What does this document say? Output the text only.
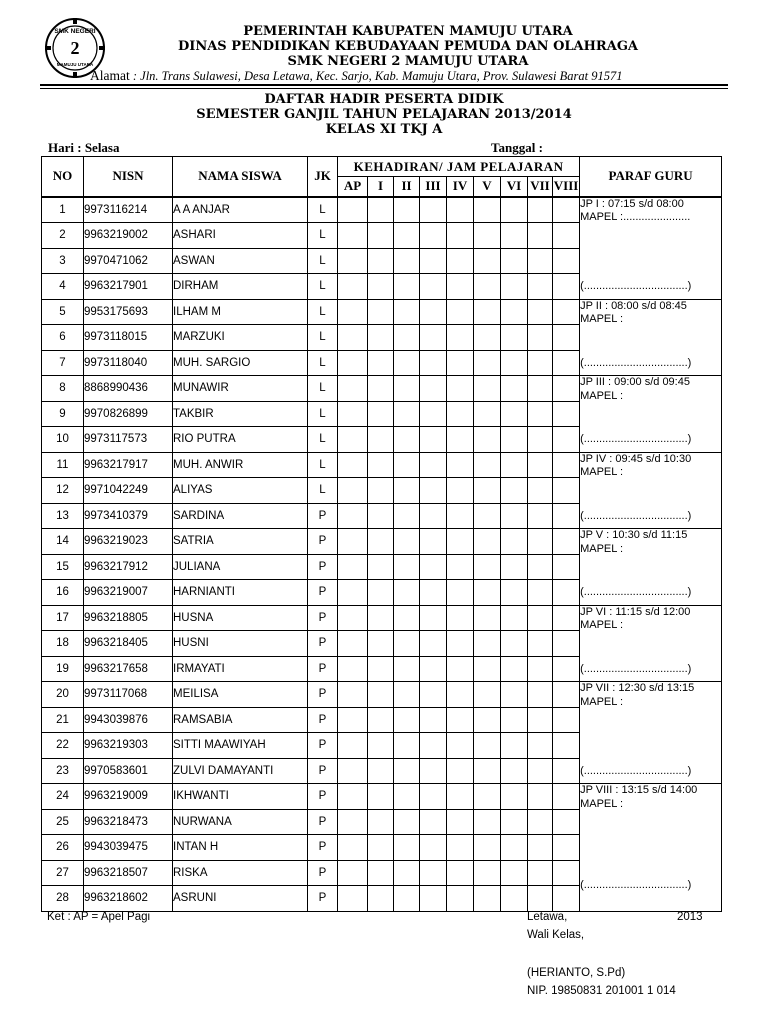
SMK NEGERI
2
MAMUJU UTARA
PEMERINTAH KABUPATEN MAMUJU UTARA
DINAS PENDIDIKAN KEBUDAYAAN PEMUDA DAN OLAHRAGA
SMK NEGERI 2 MAMUJU UTARA
Alamat : Jln. Trans Sulawesi, Desa Letawa, Kec. Sarjo, Kab. Mamuju Utara, Prov. Sulawesi Barat 91571
DAFTAR HADIR PESERTA DIDIK
SEMESTER GANJIL TAHUN PELAJARAN 2013/2014
KELAS XI TKJ A
Hari : Selasa	Tanggal :
NO	NISN	NAMA SISWA	JK	KEHADIRAN/ JAM PELAJARAN									PARAF GURU
				AP	I	II	III	IV	V	VI	VII	VIII	
1	9973116214	A A ANJAR	L										JP I : 07:15 s/d 08:00
MAPEL :......................
(..................................)

2	9963219002	ASHARI	L										
3	9970471062	ASWAN	L										
4	9963217901	DIRHAM	L										
5	9953175693	ILHAM M	L										JP II : 08:00 s/d 08:45
MAPEL :
(..................................)

6	9973118015	MARZUKI	L										
7	9973118040	MUH. SARGIO	L										
8	8868990436	MUNAWIR	L										JP III : 09:00 s/d 09:45
MAPEL :
(..................................)

9	9970826899	TAKBIR	L										
10	9973117573	RIO PUTRA	L										
11	9963217917	MUH. ANWIR	L										JP IV : 09:45 s/d 10:30
MAPEL :
(..................................)

12	9971042249	ALIYAS	L										
13	9973410379	SARDINA	P										
14	9963219023	SATRIA	P										JP V : 10:30 s/d 11:15
MAPEL :
(..................................)

15	9963217912	JULIANA	P										
16	9963219007	HARNIANTI	P										
17	9963218805	HUSNA	P										JP VI : 11:15 s/d 12:00
MAPEL :
(..................................)

18	9963218405	HUSNI	P										
19	9963217658	IRMAYATI	P										
20	9973117068	MEILISA	P										JP VII : 12:30 s/d 13:15
MAPEL :
(..................................)

21	9943039876	RAMSABIA	P										
22	9963219303	SITTI MAAWIYAH	P										
23	9970583601	ZULVI DAMAYANTI	P										
24	9963219009	IKHWANTI	P										JP VIII : 13:15 s/d 14:00
MAPEL :
(..................................)

25	9963218473	NURWANA	P										
26	9943039475	INTAN H	P										
27	9963218507	RISKA	P										
28	9963218602	ASRUNI	P										
Ket : AP = Apel Pagi	Letawa,	2013
Wali Kelas,
(HERIANTO, S.Pd)
NIP. 19850831 201001 1 014
